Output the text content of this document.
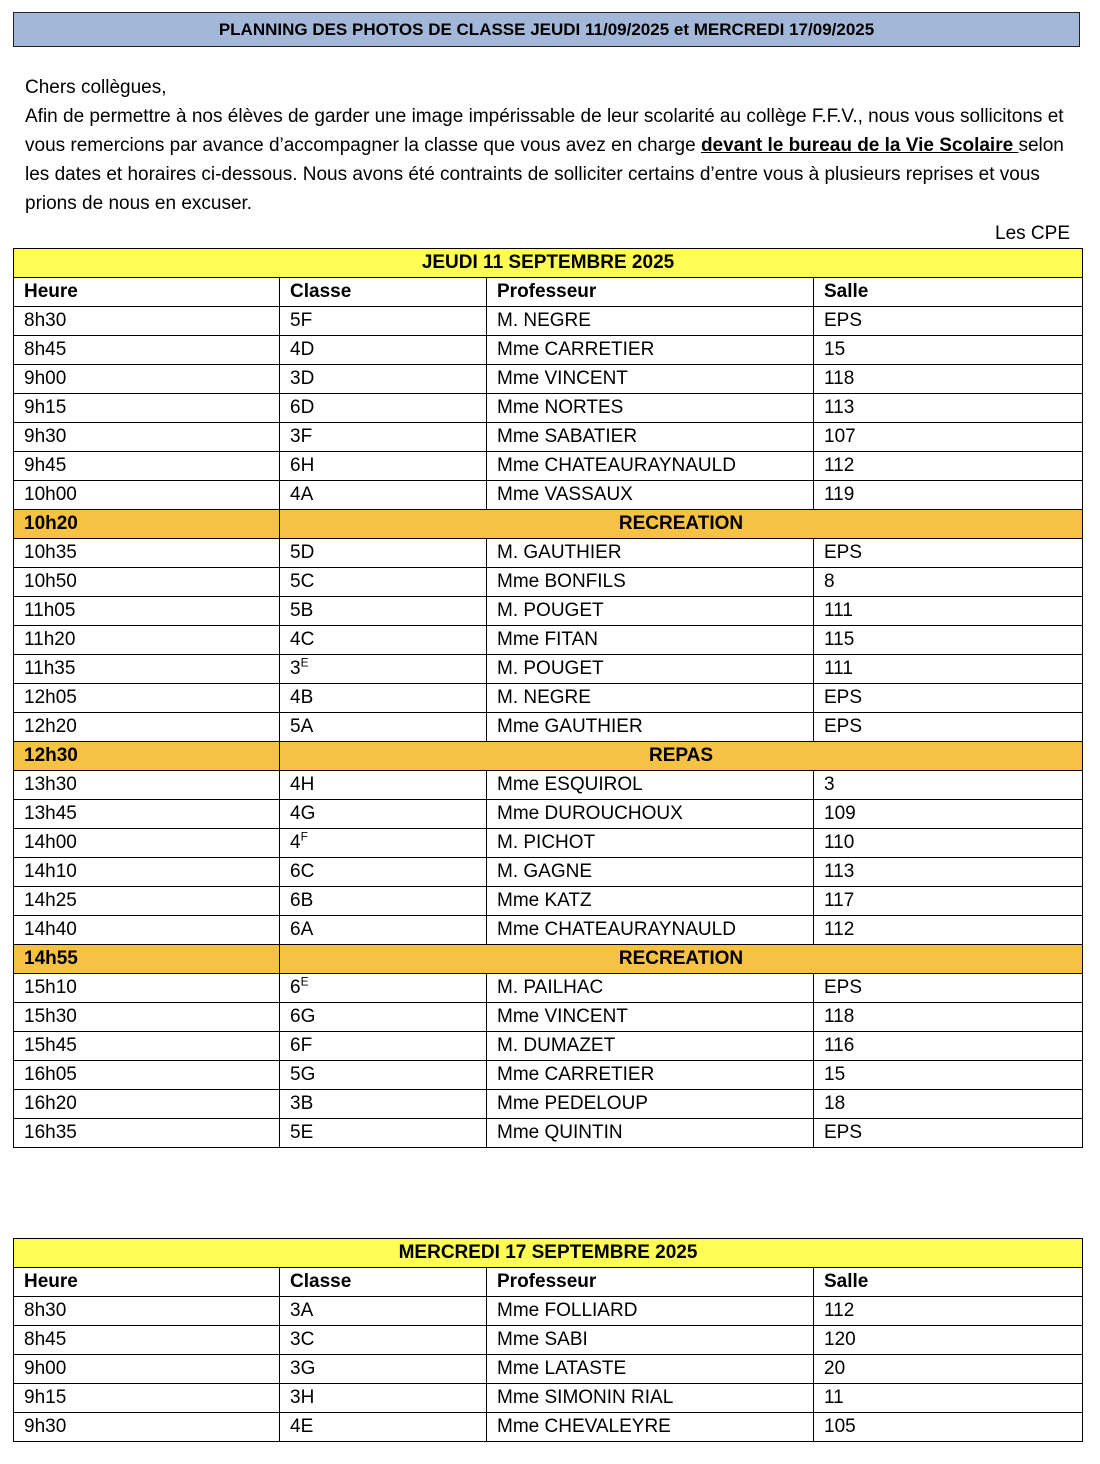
PLANNING DES PHOTOS DE CLASSE JEUDI 11/09/2025 et MERCREDI 17/09/2025

Chers collègues,

Afin de permettre à nos élèves de garder une image impérissable de leur scolarité au collège F.F.V., nous vous sollicitons et vous remercions par avance d’accompagner la classe que vous avez en charge devant le bureau de la Vie Scolaire selon les dates et horaires ci-dessous. Nous avons été contraints de solliciter certains d’entre vous à plusieurs reprises et vous prions de nous en excuser.

Les CPE
JEUDI 11 SEPTEMBRE 2025			
Heure	Classe	Professeur	Salle
8h30	5F	M. NEGRE	EPS
8h45	4D	Mme CARRETIER	15
9h00	3D	Mme VINCENT	118
9h15	6D	Mme NORTES	113
9h30	3F	Mme SABATIER	107
9h45	6H	Mme CHATEAURAYNAULD	112
10h00	4A	Mme VASSAUX	119
10h20	RECREATION		
10h35	5D	M. GAUTHIER	EPS
10h50	5C	Mme BONFILS	8
11h05	5B	M. POUGET	111
11h20	4C	Mme FITAN	115
11h35	$3^E$	M. POUGET	111
12h05	4B	M. NEGRE	EPS
12h20	5A	Mme GAUTHIER	EPS
12h30	REPAS		
13h30	4H	Mme ESQUIROL	3
13h45	4G	Mme DUROUCHOUX	109
14h00	$4^F$	M. PICHOT	110
14h10	6C	M. GAGNE	113
14h25	6B	Mme KATZ	117
14h40	6A	Mme CHATEAURAYNAULD	112
14h55	RECREATION		
15h10	$6^E$	M. PAILHAC	EPS
15h30	6G	Mme VINCENT	118
15h45	6F	M. DUMAZET	116
16h05	5G	Mme CARRETIER	15
16h20	3B	Mme PEDELOUP	18
16h35	5E	Mme QUINTIN	EPS
MERCREDI 17 SEPTEMBRE 2025			
Heure	Classe	Professeur	Salle
8h30	3A	Mme FOLLIARD	112
8h45	3C	Mme SABI	120
9h00	3G	Mme LATASTE	20
9h15	3H	Mme SIMONIN RIAL	11
9h30	4E	Mme CHEVALEYRE	105
